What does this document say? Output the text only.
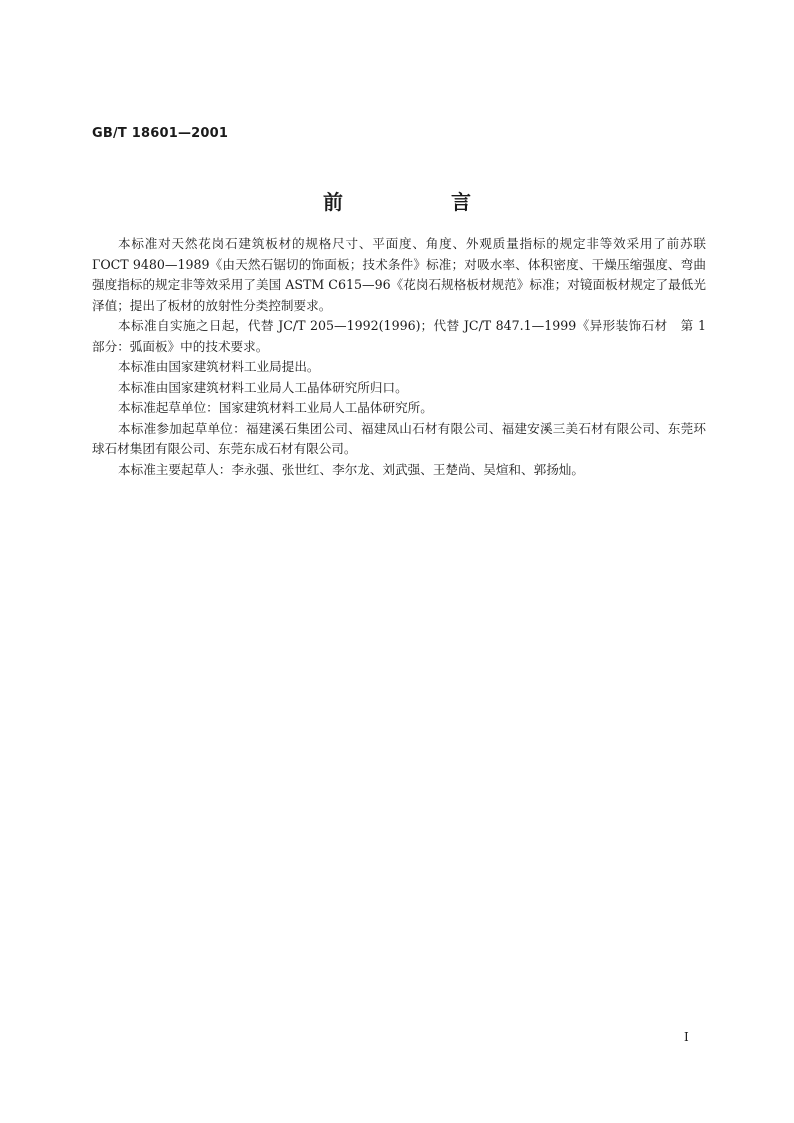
GB/T 18601—2001
前　言

本标准对天然花岗石建筑板材的规格尺寸、平面度、角度、外观质量指标的规定非等效采用了前苏联 ГОСТ 9480—1989《由天然石锯切的饰面板；技术条件》标准；对吸水率、体积密度、干燥压缩强度、弯曲强度指标的规定非等效采用了美国 ASTM C615—96《花岗石规格板材规范》标准；对镜面板材规定了最低光泽值；提出了板材的放射性分类控制要求。

本标准自实施之日起，代替 JC/T 205—1992(1996)；代替 JC/T 847.1—1999《异形装饰石材　第 1 部分：弧面板》中的技术要求。

本标准由国家建筑材料工业局提出。

本标准由国家建筑材料工业局人工晶体研究所归口。

本标准起草单位：国家建筑材料工业局人工晶体研究所。

本标准参加起草单位：福建溪石集团公司、福建凤山石材有限公司、福建安溪三美石材有限公司、东莞环球石材集团有限公司、东莞东成石材有限公司。

本标准主要起草人：李永强、张世红、李尔龙、刘武强、王楚尚、吴煊和、郭扬灿。

I
